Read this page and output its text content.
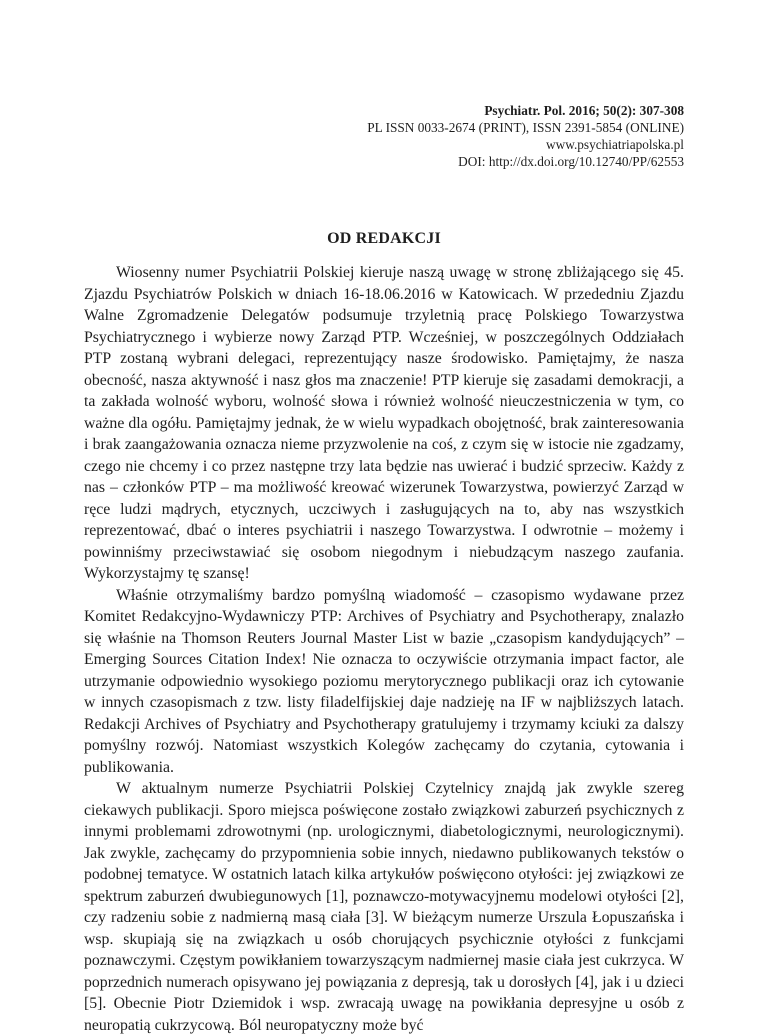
Psychiatr. Pol. 2016; 50(2): 307-308
PL ISSN 0033-2674 (PRINT), ISSN 2391-5854 (ONLINE)
www.psychiatriapolska.pl
DOI: http://dx.doi.org/10.12740/PP/62553
OD REDAKCJI

Wiosenny numer Psychiatrii Polskiej kieruje naszą uwagę w stronę zbliżającego się 45. Zjazdu Psychiatrów Polskich w dniach 16-18.06.2016 w Katowicach. W przededniu Zjazdu Walne Zgromadzenie Delegatów podsumuje trzyletnią pracę Polskiego Towarzystwa Psychiatrycznego i wybierze nowy Zarząd PTP. Wcześniej, w poszczególnych Oddziałach PTP zostaną wybrani delegaci, reprezentujący nasze środowisko. Pamiętajmy, że nasza obecność, nasza aktywność i nasz głos ma znaczenie! PTP kieruje się zasadami demokracji, a ta zakłada wolność wyboru, wolność słowa i również wolność nieuczestniczenia w tym, co ważne dla ogółu. Pamiętajmy jednak, że w wielu wypadkach obojętność, brak zainteresowania i brak zaangażowania oznacza nieme przyzwolenie na coś, z czym się w istocie nie zgadzamy, czego nie chcemy i co przez następne trzy lata będzie nas uwierać i budzić sprzeciw. Każdy z nas – członków PTP – ma możliwość kreować wizerunek Towarzystwa, powierzyć Zarząd w ręce ludzi mądrych, etycznych, uczciwych i zasługujących na to, aby nas wszystkich reprezentować, dbać o interes psychiatrii i naszego Towarzystwa. I odwrotnie – możemy i powinniśmy przeciwstawiać się osobom niegodnym i niebudzącym naszego zaufania. Wykorzystajmy tę szansę!

Właśnie otrzymaliśmy bardzo pomyślną wiadomość – czasopismo wydawane przez Komitet Redakcyjno-Wydawniczy PTP: Archives of Psychiatry and Psychotherapy, znalazło się właśnie na Thomson Reuters Journal Master List w bazie „czasopism kandydujących” – Emerging Sources Citation Index! Nie oznacza to oczywiście otrzymania impact factor, ale utrzymanie odpowiednio wysokiego poziomu merytorycznego publikacji oraz ich cytowanie w innych czasopismach z tzw. listy filadelfijskiej daje nadzieję na IF w najbliższych latach. Redakcji Archives of Psychiatry and Psychotherapy gratulujemy i trzymamy kciuki za dalszy pomyślny rozwój. Natomiast wszystkich Kolegów zachęcamy do czytania, cytowania i publikowania.

W aktualnym numerze Psychiatrii Polskiej Czytelnicy znajdą jak zwykle szereg ciekawych publikacji. Sporo miejsca poświęcone zostało związkowi zaburzeń psychicznych z innymi problemami zdrowotnymi (np. urologicznymi, diabetologicznymi, neurologicznymi). Jak zwykle, zachęcamy do przypomnienia sobie innych, niedawno publikowanych tekstów o podobnej tematyce. W ostatnich latach kilka artykułów poświęcono otyłości: jej związkowi ze spektrum zaburzeń dwubiegunowych [1], poznawczo-motywacyjnemu modelowi otyłości [2], czy radzeniu sobie z nadmierną masą ciała [3]. W bieżącym numerze Urszula Łopuszańska i wsp. skupiają się na związkach u osób chorujących psychicznie otyłości z funkcjami poznawczymi. Częstym powikłaniem towarzyszącym nadmiernej masie ciała jest cukrzyca. W poprzednich numerach opisywano jej powiązania z depresją, tak u dorosłych [4], jak i u dzieci [5]. Obecnie Piotr Dziemidok i wsp. zwracają uwagę na powikłania depresyjne u osób z neuropatią cukrzycową. Ból neuropatyczny może być
